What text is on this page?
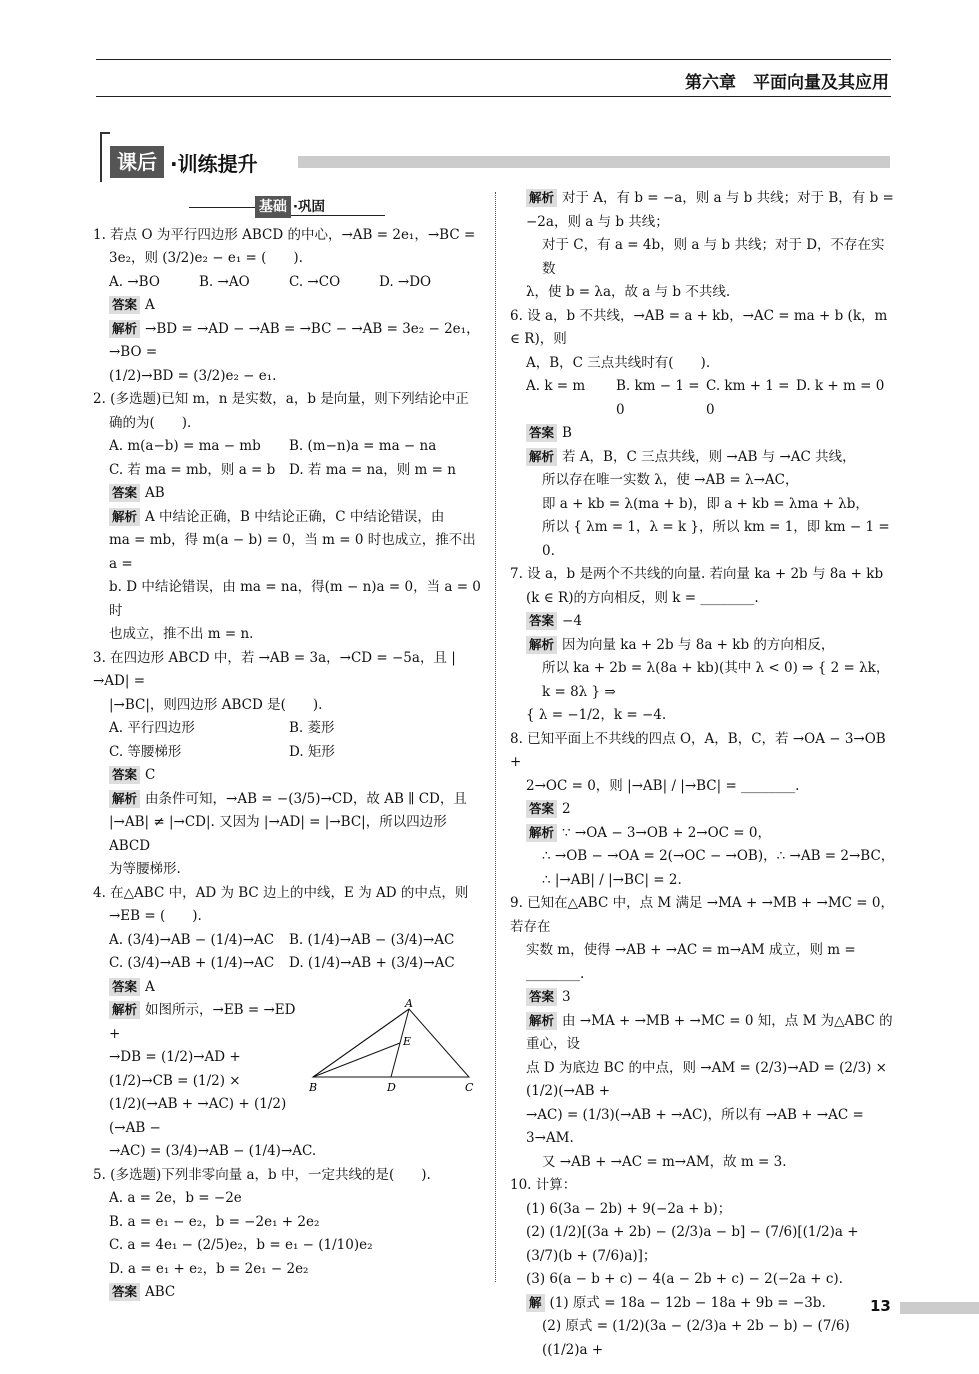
第六章　平面向量及其应用
课后 ·训练提升
基础 ·巩固

1. 若点 O 为平行四边形 ABCD 的中心，→AB = 2e₁，→BC =

3e₂，则 (3/2)e₂ − e₁ = (　　).

A. →BO	B. →AO	C. →CO	D. →DO

答案 A

解析 →BD = →AD − →AB = →BC − →AB = 3e₂ − 2e₁，→BO =

(1/2)→BD = (3/2)e₂ − e₁.

2. (多选题)已知 m，n 是实数，a，b 是向量，则下列结论中正

确的为(　　).

A. m(a−b) = ma − mb	B. (m−n)a = ma − na
C. 若 ma = mb，则 a = b	D. 若 ma = na，则 m = n

答案 AB

解析 A 中结论正确，B 中结论正确，C 中结论错误，由

ma = mb，得 m(a − b) = 0，当 m = 0 时也成立，推不出 a =

b. D 中结论错误，由 ma = na，得(m − n)a = 0，当 a = 0 时

也成立，推不出 m = n.

3. 在四边形 ABCD 中，若 →AB = 3a，→CD = −5a，且 |→AD| =

|→BC|，则四边形 ABCD 是(　　).

A. 平行四边形	B. 菱形
C. 等腰梯形	D. 矩形

答案 C

解析 由条件可知，→AB = −(3/5)→CD，故 AB ∥ CD，且

|→AB| ≠ |→CD|. 又因为 |→AD| = |→BC|，所以四边形 ABCD

为等腰梯形.

4. 在△ABC 中，AD 为 BC 边上的中线，E 为 AD 的中点，则

→EB = (　　).

A. (3/4)→AB − (1/4)→AC	B. (1/4)→AB − (3/4)→AC
C. (3/4)→AB + (1/4)→AC	D. (1/4)→AB + (3/4)→AC

答案 A

A
E
B	D	C

解析 如图所示，→EB = →ED +

→DB = (1/2)→AD + (1/2)→CB = (1/2) ×

(1/2)(→AB + →AC) + (1/2)(→AB −

→AC) = (3/4)→AB − (1/4)→AC.

5. (多选题)下列非零向量 a，b 中，一定共线的是(　　).

A. a = 2e，b = −2e

B. a = e₁ − e₂，b = −2e₁ + 2e₂

C. a = 4e₁ − (2/5)e₂，b = e₁ − (1/10)e₂

D. a = e₁ + e₂，b = 2e₁ − 2e₂

答案 ABC

解析 对于 A，有 b = −a，则 a 与 b 共线；对于 B，有 b =

−2a，则 a 与 b 共线；

对于 C，有 a = 4b，则 a 与 b 共线；对于 D，不存在实数

λ，使 b = λa，故 a 与 b 不共线.

6. 设 a，b 不共线，→AB = a + kb，→AC = ma + b (k，m ∈ R)，则

A，B，C 三点共线时有(　　).

A. k = m	B. km − 1 = 0
C. km + 1 = 0
D. k + m = 0

答案 B

解析 若 A，B，C 三点共线，则 →AB 与 →AC 共线，

所以存在唯一实数 λ，使 →AB = λ→AC，

即 a + kb = λ(ma + b)，即 a + kb = λma + λb，

所以 { λm = 1，λ = k }，所以 km = 1，即 km − 1 = 0.

7. 设 a，b 是两个不共线的向量. 若向量 ka + 2b 与 8a + kb

(k ∈ R)的方向相反，则 k = ________.

答案 −4

解析 因为向量 ka + 2b 与 8a + kb 的方向相反，

所以 ka + 2b = λ(8a + kb)(其中 λ < 0) ⇒ { 2 = λk，k = 8λ } ⇒

{ λ = −1/2，k = −4.

8. 已知平面上不共线的四点 O，A，B，C，若 →OA − 3→OB +

2→OC = 0，则 |→AB| / |→BC| = ________.

答案 2

解析 ∵ →OA − 3→OB + 2→OC = 0，

∴ →OB − →OA = 2(→OC − →OB)，∴ →AB = 2→BC，

∴ |→AB| / |→BC| = 2.

9. 已知在△ABC 中，点 M 满足 →MA + →MB + →MC = 0，若存在

实数 m，使得 →AB + →AC = m→AM 成立，则 m = ________.

答案 3

解析 由 →MA + →MB + →MC = 0 知，点 M 为△ABC 的重心，设

点 D 为底边 BC 的中点，则 →AM = (2/3)→AD = (2/3) × (1/2)(→AB +

→AC) = (1/3)(→AB + →AC)，所以有 →AB + →AC = 3→AM.

又 →AB + →AC = m→AM，故 m = 3.

10. 计算：

(1) 6(3a − 2b) + 9(−2a + b)；

(2) (1/2)[(3a + 2b) − (2/3)a − b] − (7/6)[(1/2)a + (3/7)(b + (7/6)a)]；

(3) 6(a − b + c) − 4(a − 2b + c) − 2(−2a + c).

解 (1) 原式 = 18a − 12b − 18a + 9b = −3b.

(2) 原式 = (1/2)(3a − (2/3)a + 2b − b) − (7/6)((1/2)a +

13
